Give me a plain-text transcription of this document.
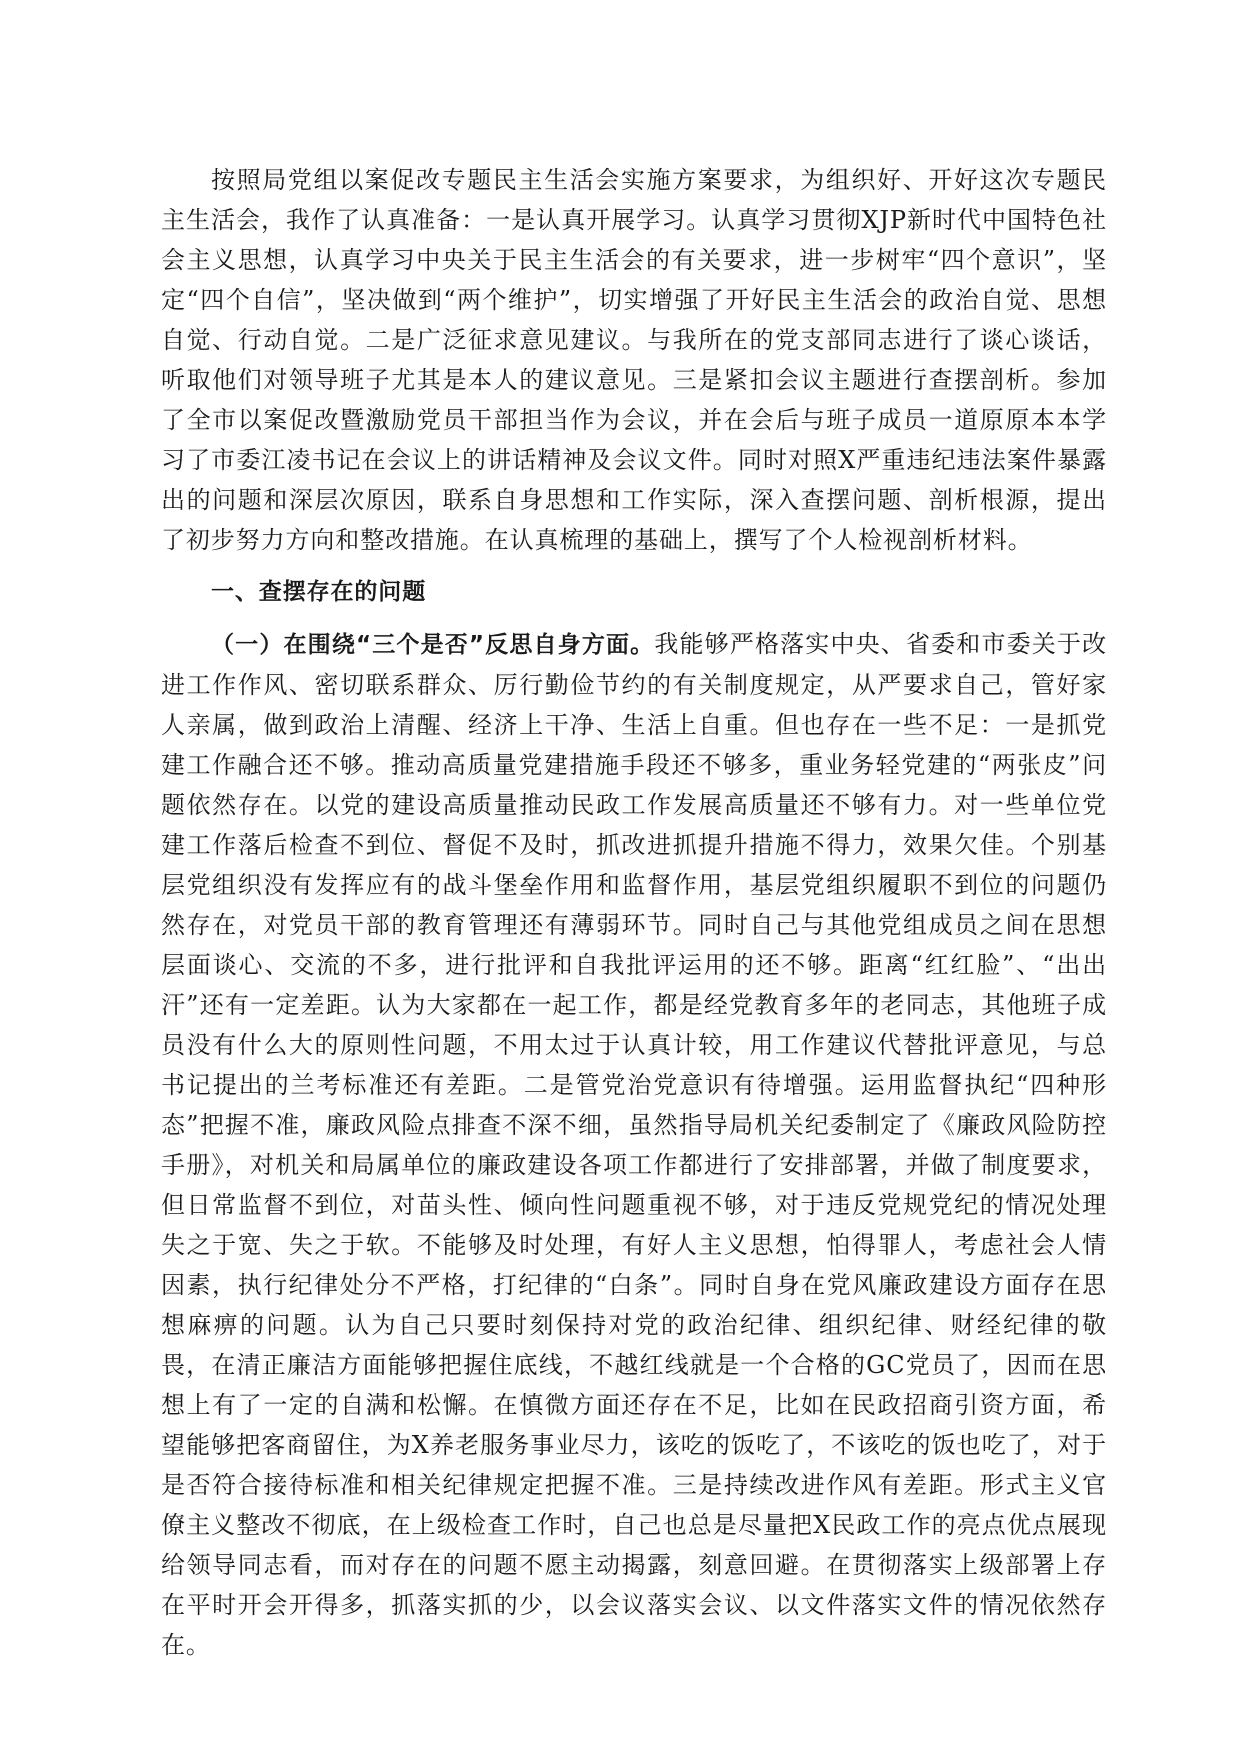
按照局党组以案促改专题民主生活会实施方案要求，为组织好、开好这次专题民主生活会，我作了认真准备：一是认真开展学习。认真学习贯彻XJP新时代中国特色社会主义思想，认真学习中央关于民主生活会的有关要求，进一步树牢“四个意识”，坚定“四个自信”，坚决做到“两个维护”，切实增强了开好民主生活会的政治自觉、思想自觉、行动自觉。二是广泛征求意见建议。与我所在的党支部同志进行了谈心谈话，听取他们对领导班子尤其是本人的建议意见。三是紧扣会议主题进行查摆剖析。参加了全市以案促改暨激励党员干部担当作为会议，并在会后与班子成员一道原原本本学习了市委江凌书记在会议上的讲话精神及会议文件。同时对照X严重违纪违法案件暴露出的问题和深层次原因，联系自身思想和工作实际，深入查摆问题、剖析根源，提出了初步努力方向和整改措施。在认真梳理的基础上，撰写了个人检视剖析材料。

一、查摆存在的问题

（一）在围绕“三个是否”反思自身方面。我能够严格落实中央、省委和市委关于改进工作作风、密切联系群众、厉行勤俭节约的有关制度规定，从严要求自己，管好家人亲属，做到政治上清醒、经济上干净、生活上自重。但也存在一些不足：一是抓党建工作融合还不够。推动高质量党建措施手段还不够多，重业务轻党建的“两张皮”问题依然存在。以党的建设高质量推动民政工作发展高质量还不够有力。对一些单位党建工作落后检查不到位、督促不及时，抓改进抓提升措施不得力，效果欠佳。个别基层党组织没有发挥应有的战斗堡垒作用和监督作用，基层党组织履职不到位的问题仍然存在，对党员干部的教育管理还有薄弱环节。同时自己与其他党组成员之间在思想层面谈心、交流的不多，进行批评和自我批评运用的还不够。距离“红红脸”、“出出汗”还有一定差距。认为大家都在一起工作，都是经党教育多年的老同志，其他班子成员没有什么大的原则性问题，不用太过于认真计较，用工作建议代替批评意见，与总书记提出的兰考标准还有差距。二是管党治党意识有待增强。运用监督执纪“四种形态”把握不准，廉政风险点排查不深不细，虽然指导局机关纪委制定了《廉政风险防控手册》，对机关和局属单位的廉政建设各项工作都进行了安排部署，并做了制度要求，但日常监督不到位，对苗头性、倾向性问题重视不够，对于违反党规党纪的情况处理失之于宽、失之于软。不能够及时处理，有好人主义思想，怕得罪人，考虑社会人情因素，执行纪律处分不严格，打纪律的“白条”。同时自身在党风廉政建设方面存在思想麻痹的问题。认为自己只要时刻保持对党的政治纪律、组织纪律、财经纪律的敬畏，在清正廉洁方面能够把握住底线，不越红线就是一个合格的GC党员了，因而在思想上有了一定的自满和松懈。在慎微方面还存在不足，比如在民政招商引资方面，希望能够把客商留住，为X养老服务事业尽力，该吃的饭吃了，不该吃的饭也吃了，对于是否符合接待标准和相关纪律规定把握不准。三是持续改进作风有差距。形式主义官僚主义整改不彻底，在上级检查工作时，自己也总是尽量把X民政工作的亮点优点展现给领导同志看，而对存在的问题不愿主动揭露，刻意回避。在贯彻落实上级部署上存在平时开会开得多，抓落实抓的少，以会议落实会议、以文件落实文件的情况依然存在。
